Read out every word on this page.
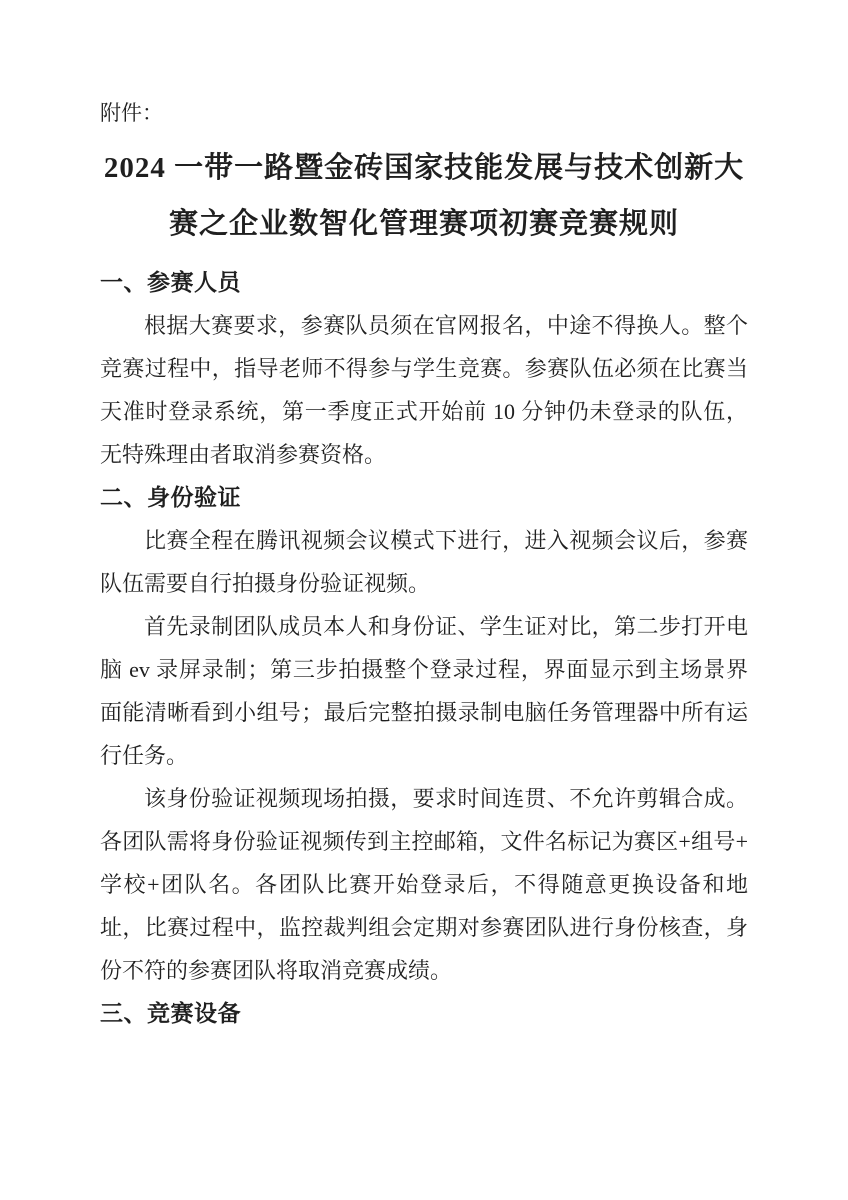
附件：
2024 一带一路暨金砖国家技能发展与技术创新大
赛之企业数智化管理赛项初赛竞赛规则
一、参赛人员
根据大赛要求，参赛队员须在官网报名，中途不得换人。整个
竞赛过程中，指导老师不得参与学生竞赛。参赛队伍必须在比赛当
天准时登录系统，第一季度正式开始前 10 分钟仍未登录的队伍，
无特殊理由者取消参赛资格。
二、身份验证
比赛全程在腾讯视频会议模式下进行，进入视频会议后，参赛
队伍需要自行拍摄身份验证视频。
首先录制团队成员本人和身份证、学生证对比，第二步打开电
脑 ev 录屏录制；第三步拍摄整个登录过程，界面显示到主场景界
面能清晰看到小组号；最后完整拍摄录制电脑任务管理器中所有运
行任务。
该身份验证视频现场拍摄，要求时间连贯、不允许剪辑合成。
各团队需将身份验证视频传到主控邮箱，文件名标记为赛区+组号+
学校+团队名。各团队比赛开始登录后，不得随意更换设备和地
址，比赛过程中，监控裁判组会定期对参赛团队进行身份核查，身
份不符的参赛团队将取消竞赛成绩。
三、竞赛设备
